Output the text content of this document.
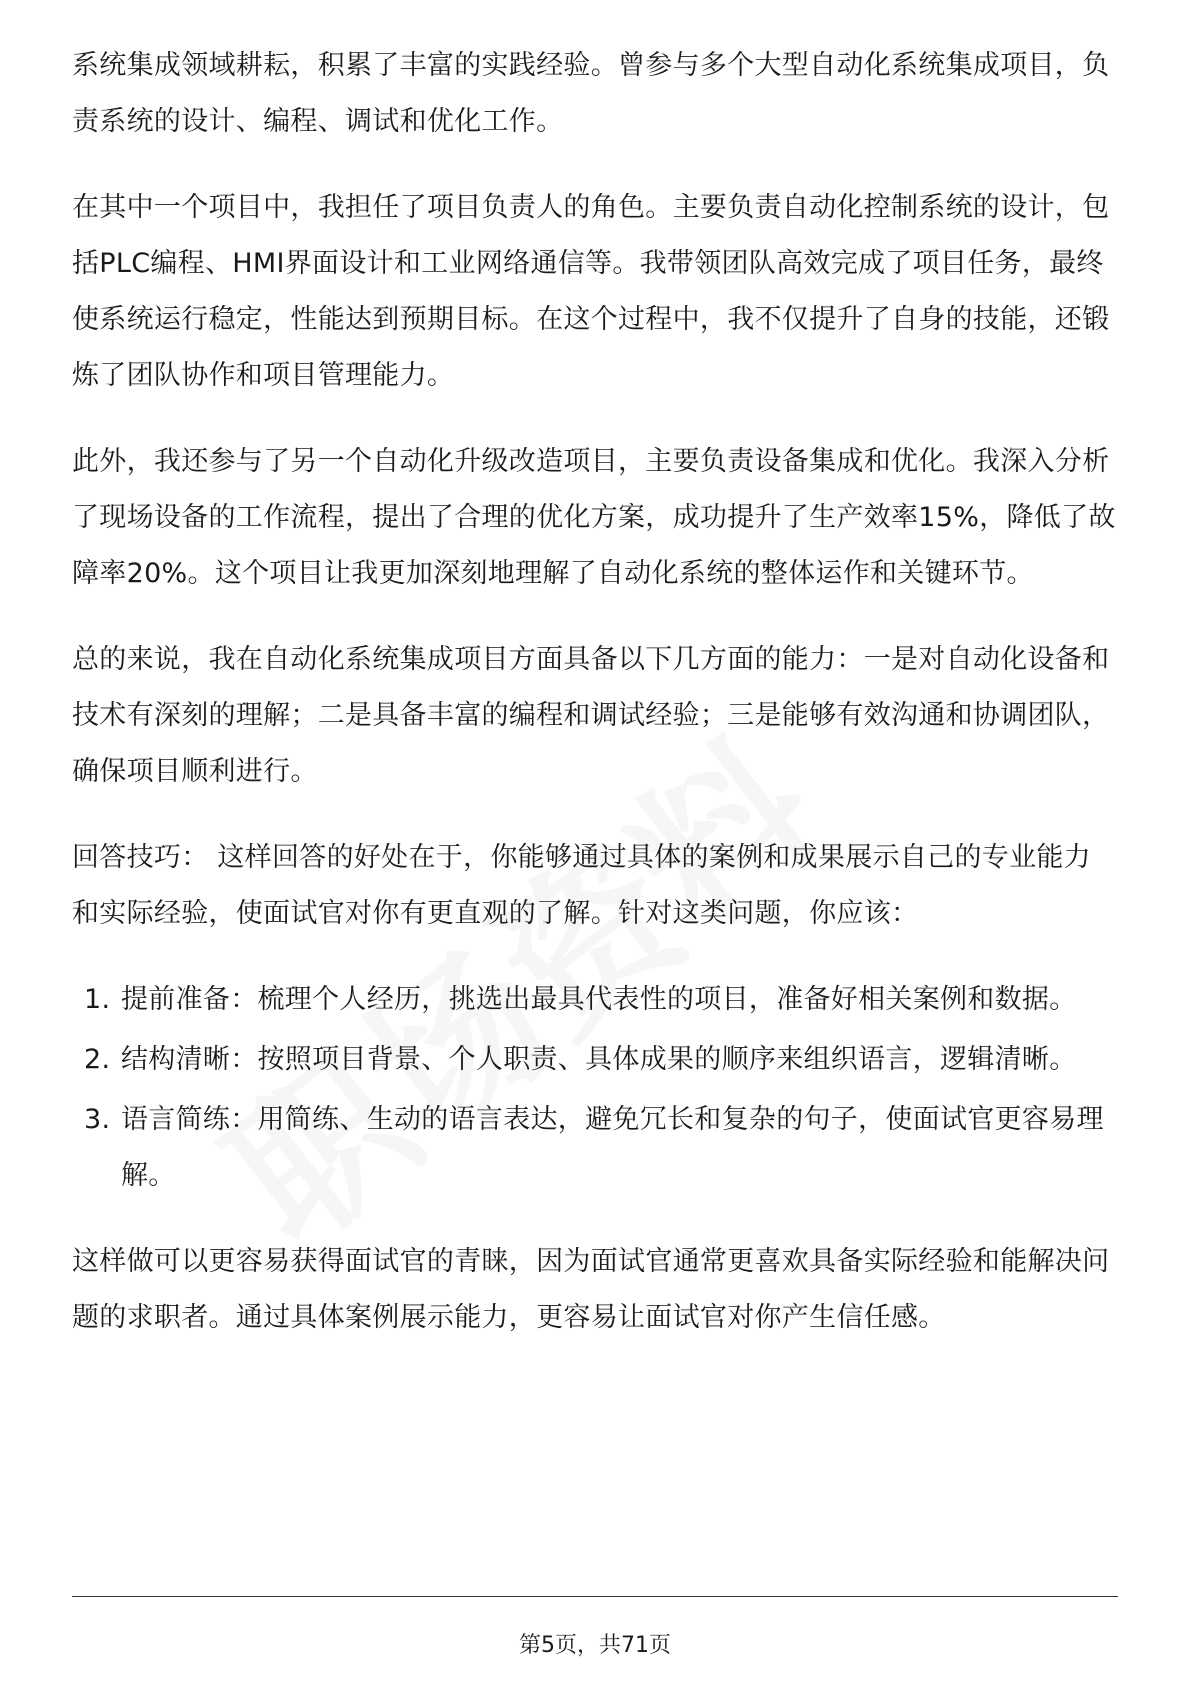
系统集成领域耕耘，积累了丰富的实践经验。曾参与多个大型自动化系统集成项目，负责系统的设计、编程、调试和优化工作。

在其中一个项目中，我担任了项目负责人的角色。主要负责自动化控制系统的设计，包括PLC编程、HMI界面设计和工业网络通信等。我带领团队高效完成了项目任务，最终使系统运行稳定，性能达到预期目标。在这个过程中，我不仅提升了自身的技能，还锻炼了团队协作和项目管理能力。

此外，我还参与了另一个自动化升级改造项目，主要负责设备集成和优化。我深入分析了现场设备的工作流程，提出了合理的优化方案，成功提升了生产效率15%，降低了故障率20%。这个项目让我更加深刻地理解了自动化系统的整体运作和关键环节。

总的来说，我在自动化系统集成项目方面具备以下几方面的能力：一是对自动化设备和技术有深刻的理解；二是具备丰富的编程和调试经验；三是能够有效沟通和协调团队，确保项目顺利进行。

回答技巧： 这样回答的好处在于，你能够通过具体的案例和成果展示自己的专业能力和实际经验，使面试官对你有更直观的了解。针对这类问题，你应该：

1. 提前准备：梳理个人经历，挑选出最具代表性的项目，准备好相关案例和数据。
2. 结构清晰：按照项目背景、个人职责、具体成果的顺序来组织语言，逻辑清晰。
3. 语言简练：用简练、生动的语言表达，避免冗长和复杂的句子，使面试官更容易理解。

这样做可以更容易获得面试官的青睐，因为面试官通常更喜欢具备实际经验和能解决问题的求职者。通过具体案例展示能力，更容易让面试官对你产生信任感。

第5页，共71页
